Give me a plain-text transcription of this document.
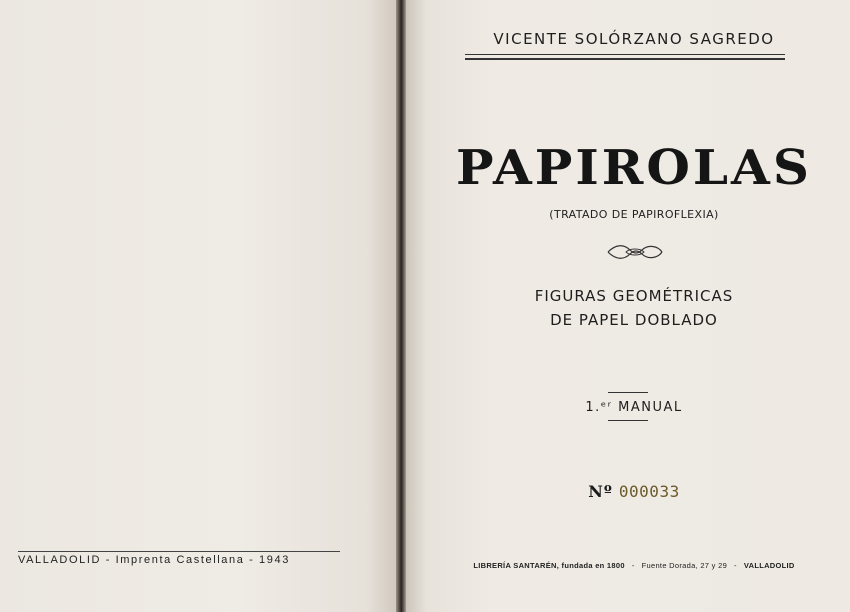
VALLADOLID - Imprenta Castellana - 1943
VICENTE SOLÓRZANO SAGREDO
PAPIROLAS
(TRATADO DE PAPIROFLEXIA)
FIGURAS GEOMÉTRICAS
DE PAPEL DOBLADO
1.ᵉʳ MANUAL
Nº 000033
LIBRERÍA SANTARÉN, fundada en 1800 - Fuente Dorada, 27 y 29 - VALLADOLID
